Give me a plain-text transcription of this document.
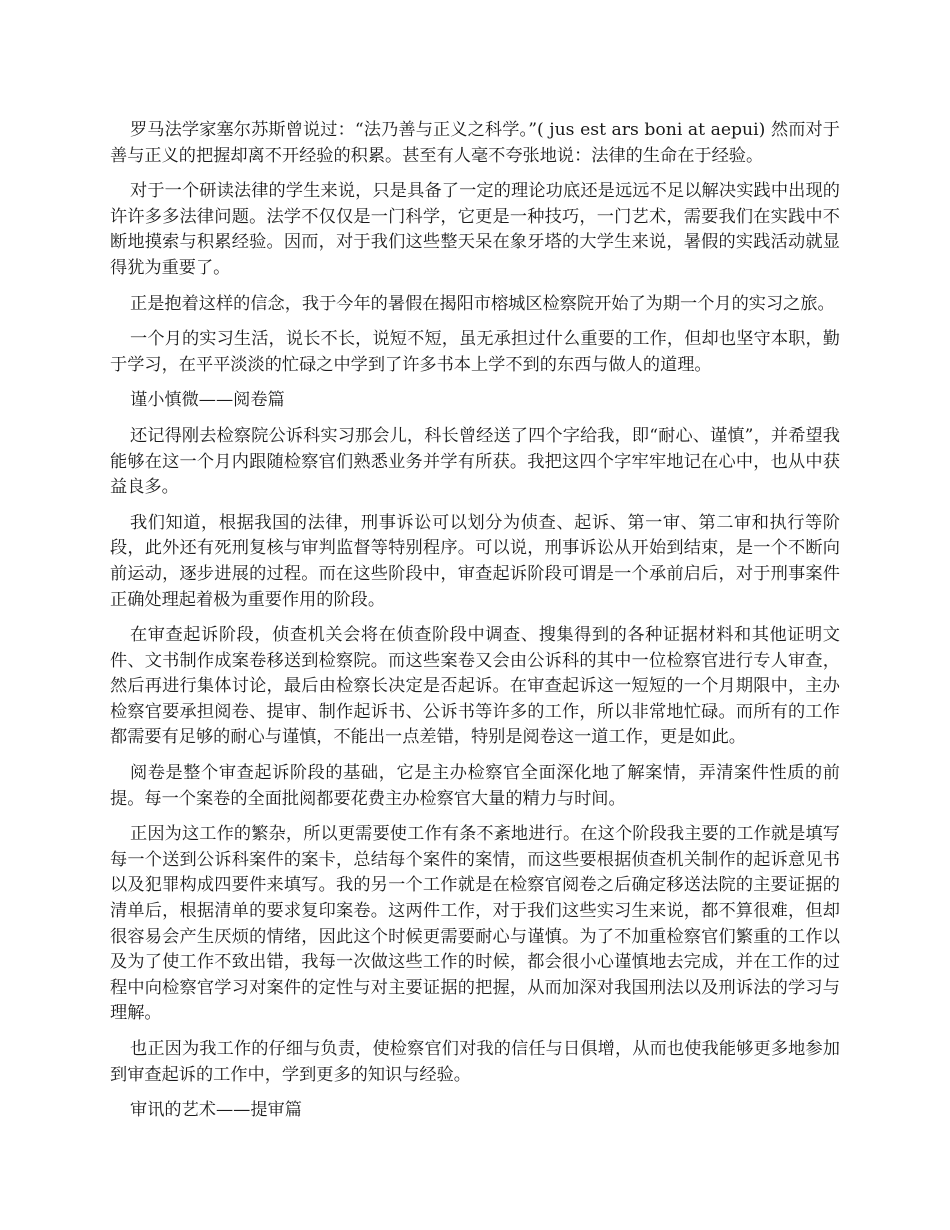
罗马法学家塞尔苏斯曾说过：“法乃善与正义之科学。”( jus est ars boni at aepui) 然而对于善与正义的把握却离不开经验的积累。甚至有人毫不夸张地说：法律的生命在于经验。

对于一个研读法律的学生来说，只是具备了一定的理论功底还是远远不足以解决实践中出现的许许多多法律问题。法学不仅仅是一门科学，它更是一种技巧，一门艺术，需要我们在实践中不断地摸索与积累经验。因而，对于我们这些整天呆在象牙塔的大学生来说，暑假的实践活动就显得犹为重要了。

正是抱着这样的信念，我于今年的暑假在揭阳市榕城区检察院开始了为期一个月的实习之旅。

一个月的实习生活，说长不长，说短不短，虽无承担过什么重要的工作，但却也坚守本职，勤于学习，在平平淡淡的忙碌之中学到了许多书本上学不到的东西与做人的道理。

谨小慎微——阅卷篇

还记得刚去检察院公诉科实习那会儿，科长曾经送了四个字给我，即“耐心、谨慎”，并希望我能够在这一个月内跟随检察官们熟悉业务并学有所获。我把这四个字牢牢地记在心中，也从中获益良多。

我们知道，根据我国的法律，刑事诉讼可以划分为侦查、起诉、第一审、第二审和执行等阶段，此外还有死刑复核与审判监督等特别程序。可以说，刑事诉讼从开始到结束，是一个不断向前运动，逐步进展的过程。而在这些阶段中，审查起诉阶段可谓是一个承前启后，对于刑事案件正确处理起着极为重要作用的阶段。

在审查起诉阶段，侦查机关会将在侦查阶段中调查、搜集得到的各种证据材料和其他证明文件、文书制作成案卷移送到检察院。而这些案卷又会由公诉科的其中一位检察官进行专人审查，然后再进行集体讨论，最后由检察长决定是否起诉。在审查起诉这一短短的一个月期限中，主办检察官要承担阅卷、提审、制作起诉书、公诉书等许多的工作，所以非常地忙碌。而所有的工作都需要有足够的耐心与谨慎，不能出一点差错，特别是阅卷这一道工作，更是如此。

阅卷是整个审查起诉阶段的基础，它是主办检察官全面深化地了解案情，弄清案件性质的前提。每一个案卷的全面批阅都要花费主办检察官大量的精力与时间。

正因为这工作的繁杂，所以更需要使工作有条不紊地进行。在这个阶段我主要的工作就是填写每一个送到公诉科案件的案卡，总结每个案件的案情，而这些要根据侦查机关制作的起诉意见书以及犯罪构成四要件来填写。我的另一个工作就是在检察官阅卷之后确定移送法院的主要证据的清单后，根据清单的要求复印案卷。这两件工作，对于我们这些实习生来说，都不算很难，但却很容易会产生厌烦的情绪，因此这个时候更需要耐心与谨慎。为了不加重检察官们繁重的工作以及为了使工作不致出错，我每一次做这些工作的时候，都会很小心谨慎地去完成，并在工作的过程中向检察官学习对案件的定性与对主要证据的把握，从而加深对我国刑法以及刑诉法的学习与理解。

也正因为我工作的仔细与负责，使检察官们对我的信任与日俱增，从而也使我能够更多地参加到审查起诉的工作中，学到更多的知识与经验。

审讯的艺术——提审篇
